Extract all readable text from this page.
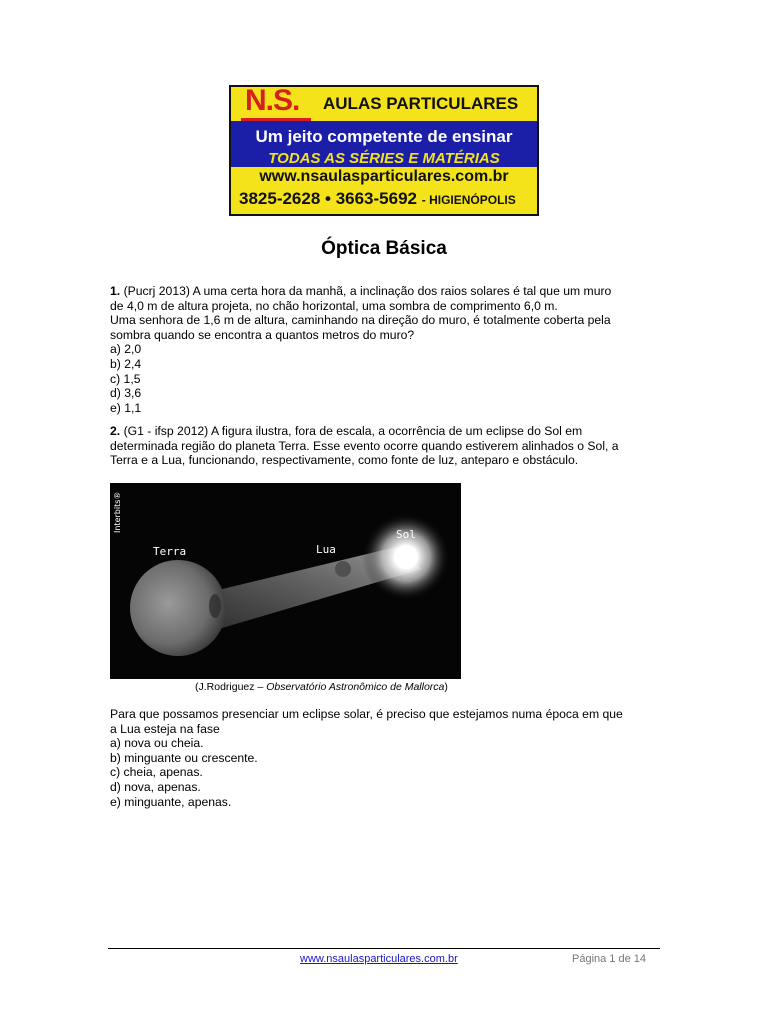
N.S. AULAS PARTICULARES
Um jeito competente de ensinar
TODAS AS SÉRIES E MATÉRIAS
www.nsaulasparticulares.com.br
3825-2628 • 3663-5692 - HIGIENÓPOLIS
Óptica Básica

1. (Pucrj 2013) A uma certa hora da manhã, a inclinação dos raios solares é tal que um muro

de 4,0 m de altura projeta, no chão horizontal, uma sombra de comprimento 6,0 m.

Uma senhora de 1,6 m de altura, caminhando na direção do muro, é totalmente coberta pela

sombra quando se encontra a quantos metros do muro?

a) 2,0

b) 2,4

c) 1,5

d) 3,6

e) 1,1

2. (G1 - ifsp 2012) A figura ilustra, fora de escala, a ocorrência de um eclipse do Sol em

determinada região do planeta Terra. Esse evento ocorre quando estiverem alinhados o Sol, a

Terra e a Lua, funcionando, respectivamente, como fonte de luz, anteparo e obstáculo.

Terra	Lua
Sol
Interbits®
(J.Rodriguez – Observatório Astronômico de Mallorca)

Para que possamos presenciar um eclipse solar, é preciso que estejamos numa época em que

a Lua esteja na fase

a) nova ou cheia.

b) minguante ou crescente.

c) cheia, apenas.

d) nova, apenas.

e) minguante, apenas.

www.nsaulasparticulares.com.br	Página 1 de 14
